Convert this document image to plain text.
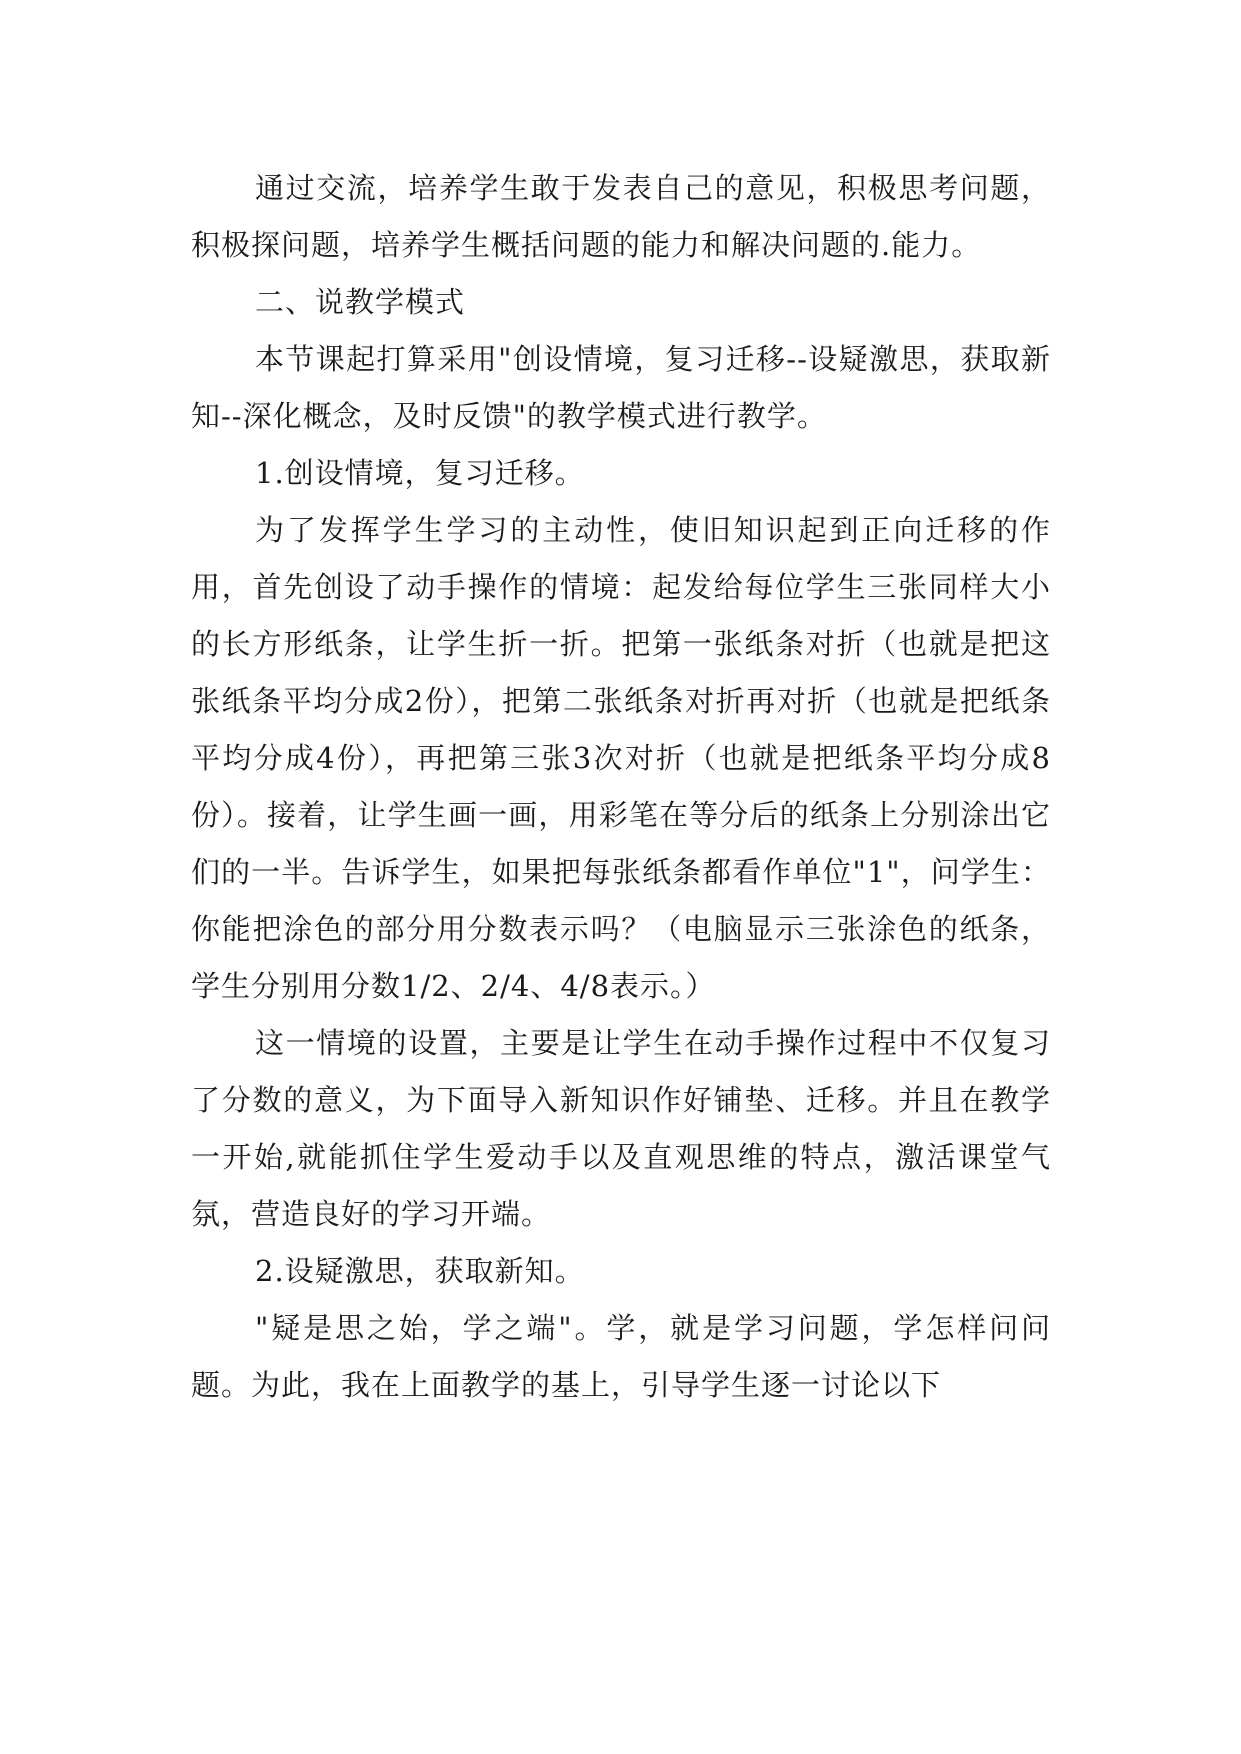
通过交流，培养学生敢于发表自己的意见，积极思考问题，积极探问题，培养学生概括问题的能力和解决问题的.能力。

二、说教学模式

本节课起打算采用"创设情境，复习迁移--设疑激思，获取新知--深化概念，及时反馈"的教学模式进行教学。

1.创设情境，复习迁移。

为了发挥学生学习的主动性，使旧知识起到正向迁移的作用，首先创设了动手操作的情境：起发给每位学生三张同样大小的长方形纸条，让学生折一折。把第一张纸条对折（也就是把这张纸条平均分成2份），把第二张纸条对折再对折（也就是把纸条平均分成4份），再把第三张3次对折（也就是把纸条平均分成8份）。接着，让学生画一画，用彩笔在等分后的纸条上分别涂出它们的一半。告诉学生，如果把每张纸条都看作单位"1"，问学生：你能把涂色的部分用分数表示吗？（电脑显示三张涂色的纸条，学生分别用分数1/2、2/4、4/8表示。）

这一情境的设置，主要是让学生在动手操作过程中不仅复习了分数的意义，为下面导入新知识作好铺垫、迁移。并且在教学一开始,就能抓住学生爱动手以及直观思维的特点，激活课堂气氛，营造良好的学习开端。

2.设疑激思，获取新知。

"疑是思之始，学之端"。学，就是学习问题，学怎样问问题。为此，我在上面教学的基上，引导学生逐一讨论以下
